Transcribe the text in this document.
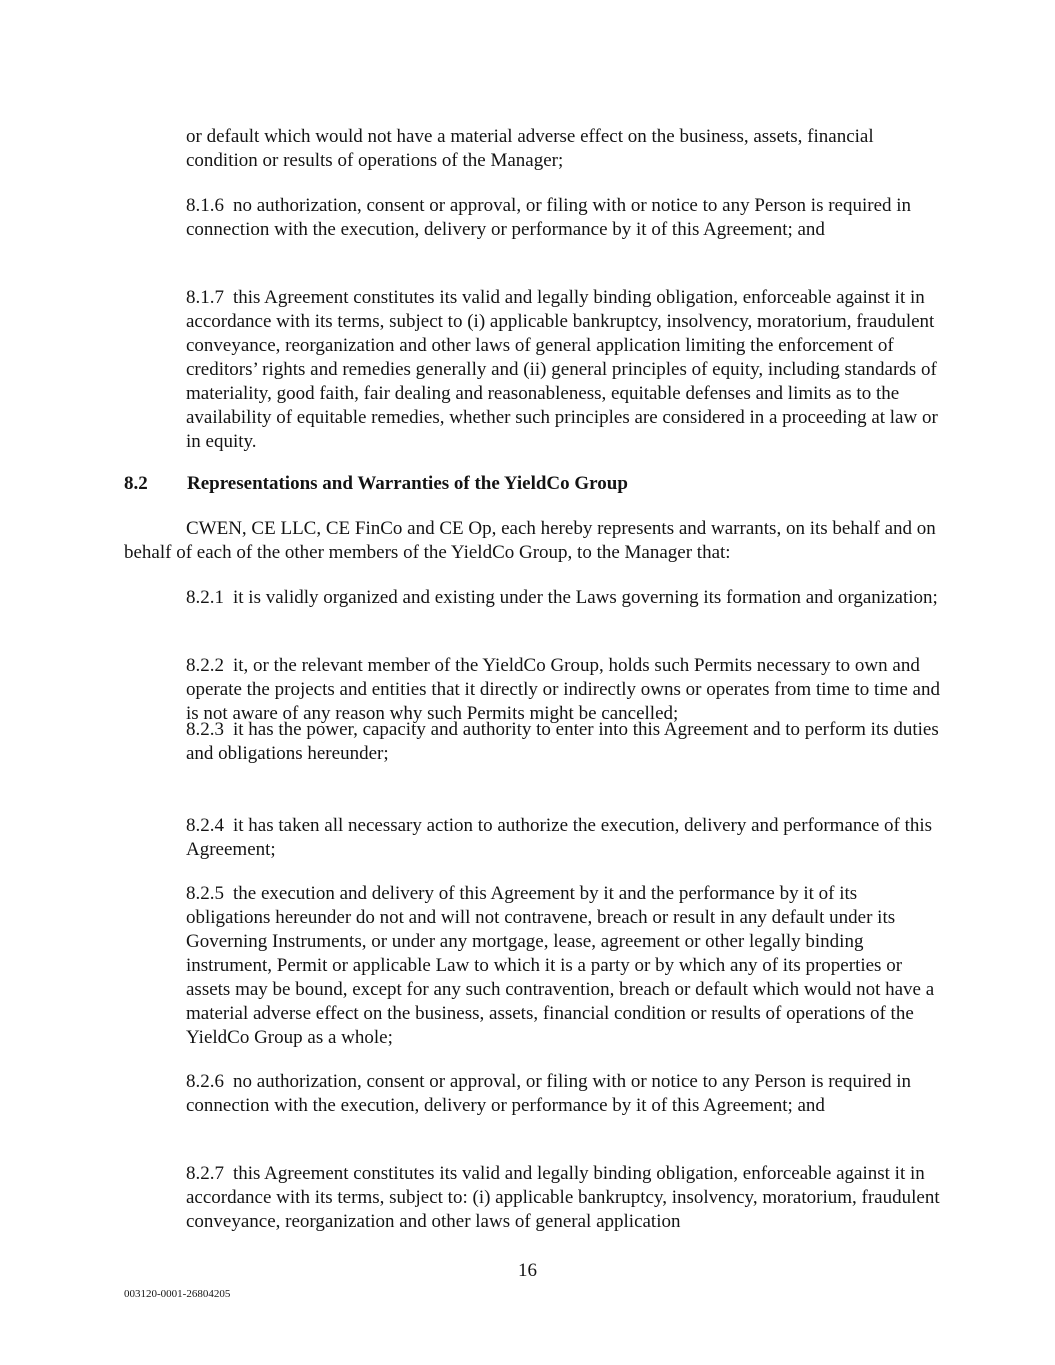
or default which would not have a material adverse effect on the business, assets, financial condition or results of operations of the Manager;

8.1.6 no authorization, consent or approval, or filing with or notice to any Person is required in connection with the execution, delivery or performance by it of this Agreement; and

8.1.7 this Agreement constitutes its valid and legally binding obligation, enforceable against it in accordance with its terms, subject to (i) applicable bankruptcy, insolvency, moratorium, fraudulent conveyance, reorganization and other laws of general application limiting the enforcement of creditors’ rights and remedies generally and (ii) general principles of equity, including standards of materiality, good faith, fair dealing and reasonableness, equitable defenses and limits as to the availability of equitable remedies, whether such principles are considered in a proceeding at law or in equity.

8.2 Representations and Warranties of the YieldCo Group

CWEN, CE LLC, CE FinCo and CE Op, each hereby represents and warrants, on its behalf and on behalf of each of the other members of the YieldCo Group, to the Manager that:

8.2.1 it is validly organized and existing under the Laws governing its formation and organization;

8.2.2 it, or the relevant member of the YieldCo Group, holds such Permits necessary to own and operate the projects and entities that it directly or indirectly owns or operates from time to time and is not aware of any reason why such Permits might be cancelled;

8.2.3 it has the power, capacity and authority to enter into this Agreement and to perform its duties and obligations hereunder;

8.2.4 it has taken all necessary action to authorize the execution, delivery and performance of this Agreement;

8.2.5 the execution and delivery of this Agreement by it and the performance by it of its obligations hereunder do not and will not contravene, breach or result in any default under its Governing Instruments, or under any mortgage, lease, agreement or other legally binding instrument, Permit or applicable Law to which it is a party or by which any of its properties or assets may be bound, except for any such contravention, breach or default which would not have a material adverse effect on the business, assets, financial condition or results of operations of the YieldCo Group as a whole;

8.2.6 no authorization, consent or approval, or filing with or notice to any Person is required in connection with the execution, delivery or performance by it of this Agreement; and

8.2.7 this Agreement constitutes its valid and legally binding obligation, enforceable against it in accordance with its terms, subject to: (i) applicable bankruptcy, insolvency, moratorium, fraudulent conveyance, reorganization and other laws of general application

16
003120-0001-26804205
